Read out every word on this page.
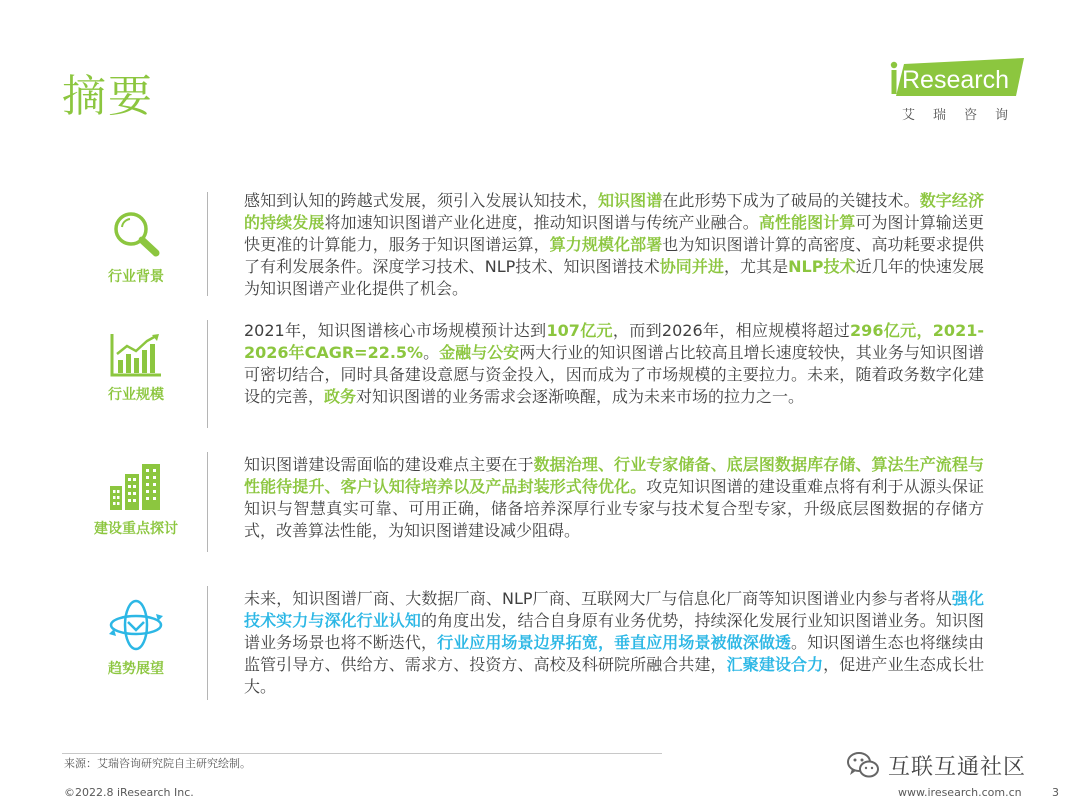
摘要	Research
艾瑞咨询
行业背景
感知到认知的跨越式发展，须引入发展认知技术，知识图谱在此形势下成为了破局的关键技术。数字经济的持续发展将加速知识图谱产业化进度，推动知识图谱与传统产业融合。高性能图计算可为图计算输送更快更准的计算能力，服务于知识图谱运算，算力规模化部署也为知识图谱计算的高密度、高功耗要求提供了有利发展条件。深度学习技术、NLP技术、知识图谱技术协同并进，尤其是NLP技术近几年的快速发展为知识图谱产业化提供了机会。
行业规模
2021年，知识图谱核心市场规模预计达到107亿元，而到2026年，相应规模将超过296亿元，2021-2026年CAGR=22.5%。金融与公安两大行业的知识图谱占比较高且增长速度较快，其业务与知识图谱可密切结合，同时具备建设意愿与资金投入，因而成为了市场规模的主要拉力。未来，随着政务数字化建设的完善，政务对知识图谱的业务需求会逐渐唤醒，成为未来市场的拉力之一。
建设重点探讨
知识图谱建设需面临的建设难点主要在于数据治理、行业专家储备、底层图数据库存储、算法生产流程与性能待提升、客户认知待培养以及产品封装形式待优化。攻克知识图谱的建设重难点将有利于从源头保证知识与智慧真实可靠、可用正确，储备培养深厚行业专家与技术复合型专家，升级底层图数据的存储方式，改善算法性能，为知识图谱建设减少阻碍。
趋势展望
未来，知识图谱厂商、大数据厂商、NLP厂商、互联网大厂与信息化厂商等知识图谱业内参与者将从强化技术实力与深化行业认知的角度出发，结合自身原有业务优势，持续深化发展行业知识图谱业务。知识图谱业务场景也将不断迭代，行业应用场景边界拓宽，垂直应用场景被做深做透。知识图谱生态也将继续由监管引导方、供给方、需求方、投资方、高校及科研院所融合共建，汇聚建设合力，促进产业生态成长壮大。
来源：艾瑞咨询研究院自主研究绘制。
©2022.8 iResearch Inc.	www.iresearch.com.cn	3
互联互通社区
